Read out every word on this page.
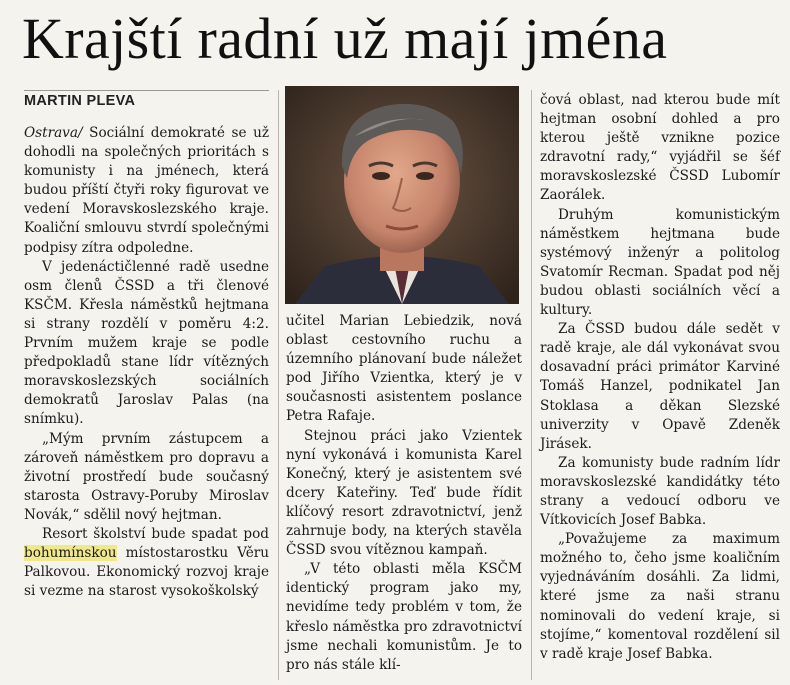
Krajští radní už mají jména
MARTIN PLEVA

Ostrava/ Sociální demokraté se už dohodli na společných prioritách s komunisty i na jménech, která budou příští čtyři roky figurovat ve vedení Moravskoslezského kraje. Koaliční smlouvu stvrdí společnými podpisy zítra odpoledne.

V jedenáctičlenné radě usedne osm členů ČSSD a tři členové KSČM. Křesla náměstků hejtmana si strany rozdělí v poměru 4:2. Prvním mužem kraje se podle předpokladů stane lídr vítězných moravskoslezských sociálních demokratů Jaroslav Palas (na snímku).

„Mým prvním zástupcem a zároveň náměstkem pro dopravu a životní prostředí bude současný starosta Ostravy-Poruby Miroslav Novák,“ sdělil nový hejtman.

Resort školství bude spadat pod bohumínskou místostarostku Věru Palkovou. Ekonomický rozvoj kraje si vezme na starost vysokoškolský

učitel Marian Lebiedzik, nová oblast cestovního ruchu a územního plánovaní bude náležet pod Jiřího Vzientka, který je v současnosti asistentem poslance Petra Rafaje.

Stejnou práci jako Vzientek nyní vykonává i komunista Karel Konečný, který je asistentem své dcery Kateřiny. Teď bude řídit klíčový resort zdravotnictví, jenž zahrnuje body, na kterých stavěla ČSSD svou vítěznou kampaň.

„V této oblasti měla KSČM identický program jako my, nevidíme tedy problém v tom, že křeslo náměstka pro zdravotnictví jsme nechali komunistům. Je to pro nás stále klí-

čová oblast, nad kterou bude mít hejtman osobní dohled a pro kterou ještě vznikne pozice zdravotní rady,“ vyjádřil se šéf moravskoslezské ČSSD Lubomír Zaorálek.

Druhým komunistickým náměstkem hejtmana bude systémový inženýr a politolog Svatomír Recman. Spadat pod něj budou oblasti sociálních věcí a kultury.

Za ČSSD budou dále sedět v radě kraje, ale dál vykonávat svou dosavadní práci primátor Karviné Tomáš Hanzel, podnikatel Jan Stoklasa a děkan Slezské univerzity v Opavě Zdeněk Jirásek.

Za komunisty bude radním lídr moravskoslezské kandidátky této strany a vedoucí odboru ve Vítkovicích Josef Babka.

„Považujeme za maximum možného to, čeho jsme koaličním vyjednáváním dosáhli. Za lidmi, které jsme za naši stranu nominovali do vedení kraje, si stojíme,“ komentoval rozdělení sil v radě kraje Josef Babka.
